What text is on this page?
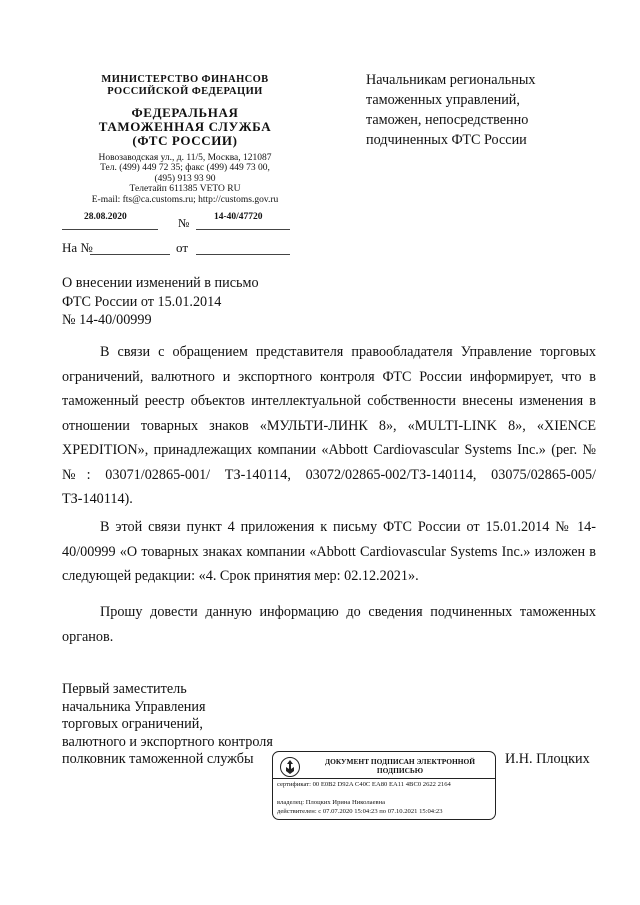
МИНИСТЕРСТВО ФИНАНСОВ
РОССИЙСКОЙ ФЕДЕРАЦИИ
ФЕДЕРАЛЬНАЯ
ТАМОЖЕННАЯ СЛУЖБА
(ФТС РОССИИ)
Новозаводская ул., д. 11/5, Москва, 121087
Тел. (499) 449 72 35; факс (499) 449 73 00,
(495) 913 93 90
Телетайп 611385 VETO RU
E-mail: fts@ca.customs.ru; http://customs.gov.ru
28.08.2020	№	14-40/47720
На №	от
Начальникам региональных
таможенных управлений,
таможен, непосредственно
подчиненных ФТС России
О внесении изменений в письмо
ФТС России от 15.01.2014
№ 14-40/00999

В связи с обращением представителя правообладателя Управление торговых ограничений, валютного и экспортного контроля ФТС России информирует, что в таможенный реестр объектов интеллектуальной собственности внесены изменения в отношении товарных знаков «МУЛЬТИ-ЛИНК 8», «MULTI-LINK 8», «XIENCE XPEDITION», принадлежащих компании «Abbott Cardiovascular Systems Inc.» (рег. №№: 03071/02865-001/ ТЗ-140114, 03072/02865-002/ТЗ-140114, 03075/02865-005/ТЗ-140114).

В этой связи пункт 4 приложения к письму ФТС России от 15.01.2014 № 14-40/00999 «О товарных знаках компании «Abbott Cardiovascular Systems Inc.» изложен в следующей редакции: «4. Срок принятия мер: 02.12.2021».

Прошу довести данную информацию до сведения подчиненных таможенных органов.

Первый заместитель
начальника Управления
торговых ограничений,
валютного и экспортного контроля
полковник таможенной службы	И.Н. Плоцких
ДОКУМЕНТ ПОДПИСАН ЭЛЕКТРОННОЙ
ПОДПИСЬЮ
сертификат: 00 E0B2 D92A C40C EA80 EA11 4BC0 2622 2164
владелец: Плоцких Ирина Николаевна
действителен: с 07.07.2020 15:04:23 по 07.10.2021 15:04:23
